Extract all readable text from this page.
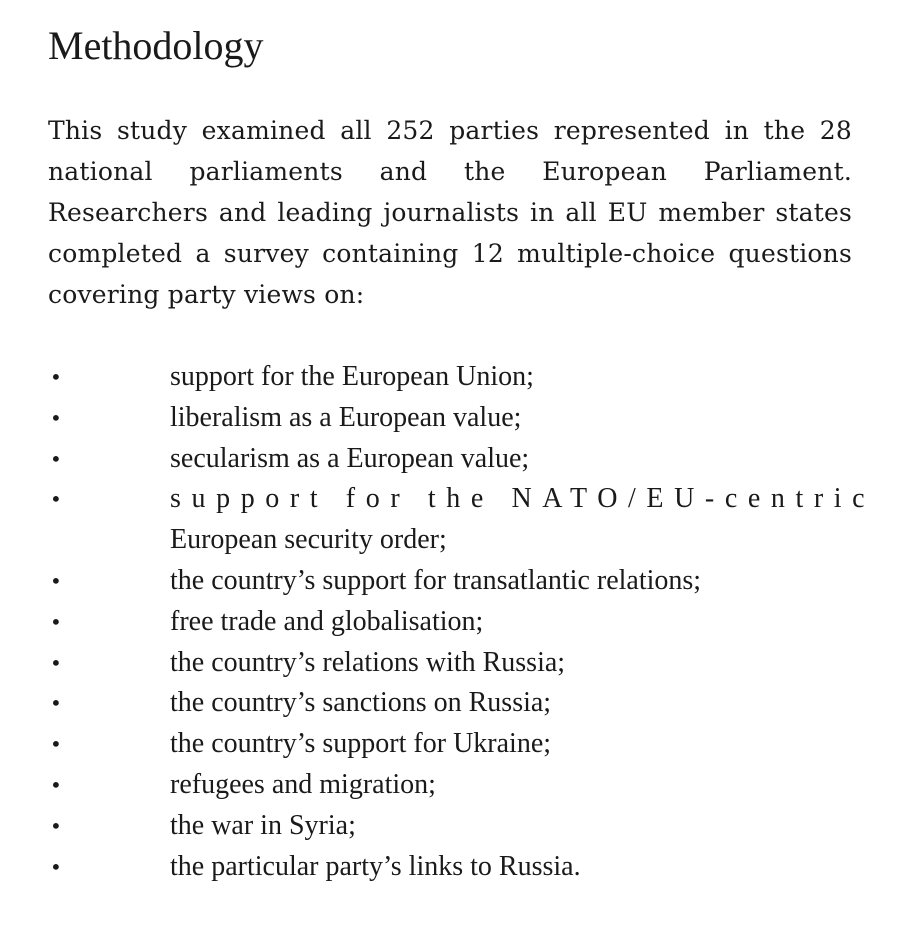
Methodology

This study examined all 252 parties represented in the 28 national parliaments and the European Parliament. Researchers and leading journalists in all EU member states completed a survey containing 12 multiple-choice questions covering party views on:

•	support for the European Union;
•	liberalism as a European value;
•	secularism as a European value;
•	support for the NATO/EU-centric
European security order;
•	the country’s support for transatlantic relations;
•	free trade and globalisation;
•	the country’s relations with Russia;
•	the country’s sanctions on Russia;
•	the country’s support for Ukraine;
•	refugees and migration;
•	the war in Syria;
•	the particular party’s links to Russia.
